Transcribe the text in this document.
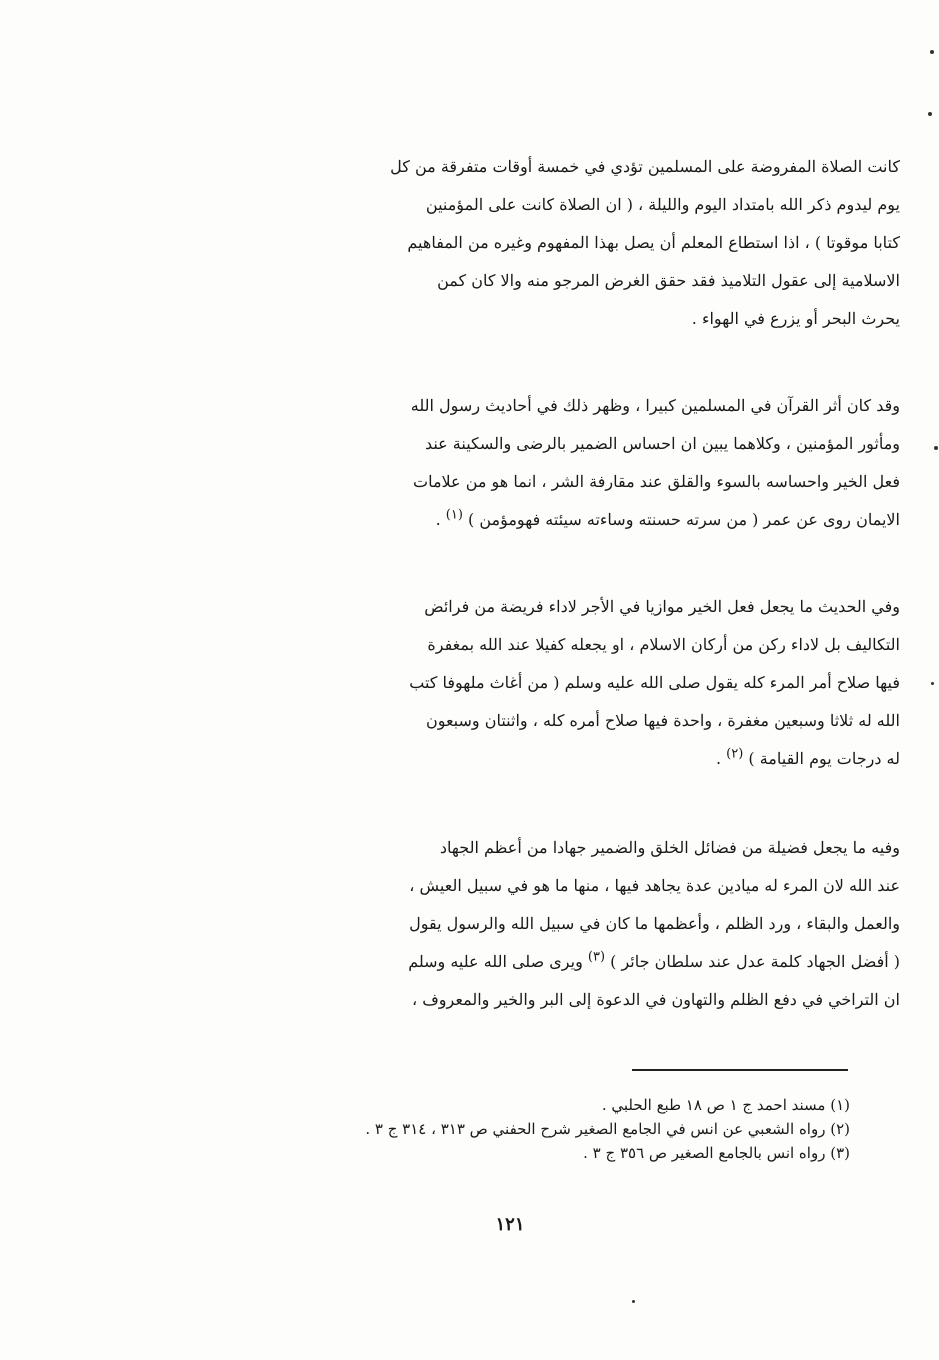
كانت الصلاة المفروضة على المسلمين تؤدي في خمسة أوقات متفرقة من كل
يوم ليدوم ذكر الله بامتداد اليوم والليلة ، ( ان الصلاة كانت على المؤمنين
كتابا موقوتا ) ، اذا استطاع المعلم أن يصل بهذا المفهوم وغيره من المفاهيم
الاسلامية إلى عقول التلاميذ فقد حقق الغرض المرجو منه والا كان كمن
يحرث البحر أو يزرع في الهواء .
وقد كان أثر القرآن في المسلمين كبيرا ، وظهر ذلك في أحاديث رسول الله
ومأثور المؤمنين ، وكلاهما يبين ان احساس الضمير بالرضى والسكينة عند
فعل الخير واحساسه بالسوء والقلق عند مقارفة الشر ، انما هو من علامات
الايمان روى عن عمر ( من سرته حسنته وساءته سيئته فهومؤمن ) $^{(١)}$ .
وفي الحديث ما يجعل فعل الخير موازيا في الأجر لاداء فريضة من فرائض
التكاليف بل لاداء ركن من أركان الاسلام ، او يجعله كفيلا عند الله بمغفرة
فيها صلاح أمر المرء كله يقول صلى الله عليه وسلم ( من أغاث ملهوفا كتب
الله له ثلاثا وسبعين مغفرة ، واحدة فيها صلاح أمره كله ، واثنتان وسبعون
له درجات يوم القيامة ) $^{(٢)}$ .
وفيه ما يجعل فضيلة من فضائل الخلق والضمير جهادا من أعظم الجهاد
عند الله لان المرء له ميادين عدة يجاهد فيها ، منها ما هو في سبيل العيش ،
والعمل والبقاء ، ورد الظلم ، وأعظمها ما كان في سبيل الله والرسول يقول
( أفضل الجهاد كلمة عدل عند سلطان جائر ) $^{(٣)}$ ويرى صلى الله عليه وسلم
ان التراخي في دفع الظلم والتهاون في الدعوة إلى البر والخير والمعروف ،
(١) مسند احمد ج ١ ص ١٨ طبع الحلبي .
(٢) رواه الشعبي عن انس في الجامع الصغير شرح الحفني ص ٣١٣ ، ٣١٤ ج ٣ .
(٣) رواه انس بالجامع الصغير ص ٣٥٦ ج ٣ .
١٢١
